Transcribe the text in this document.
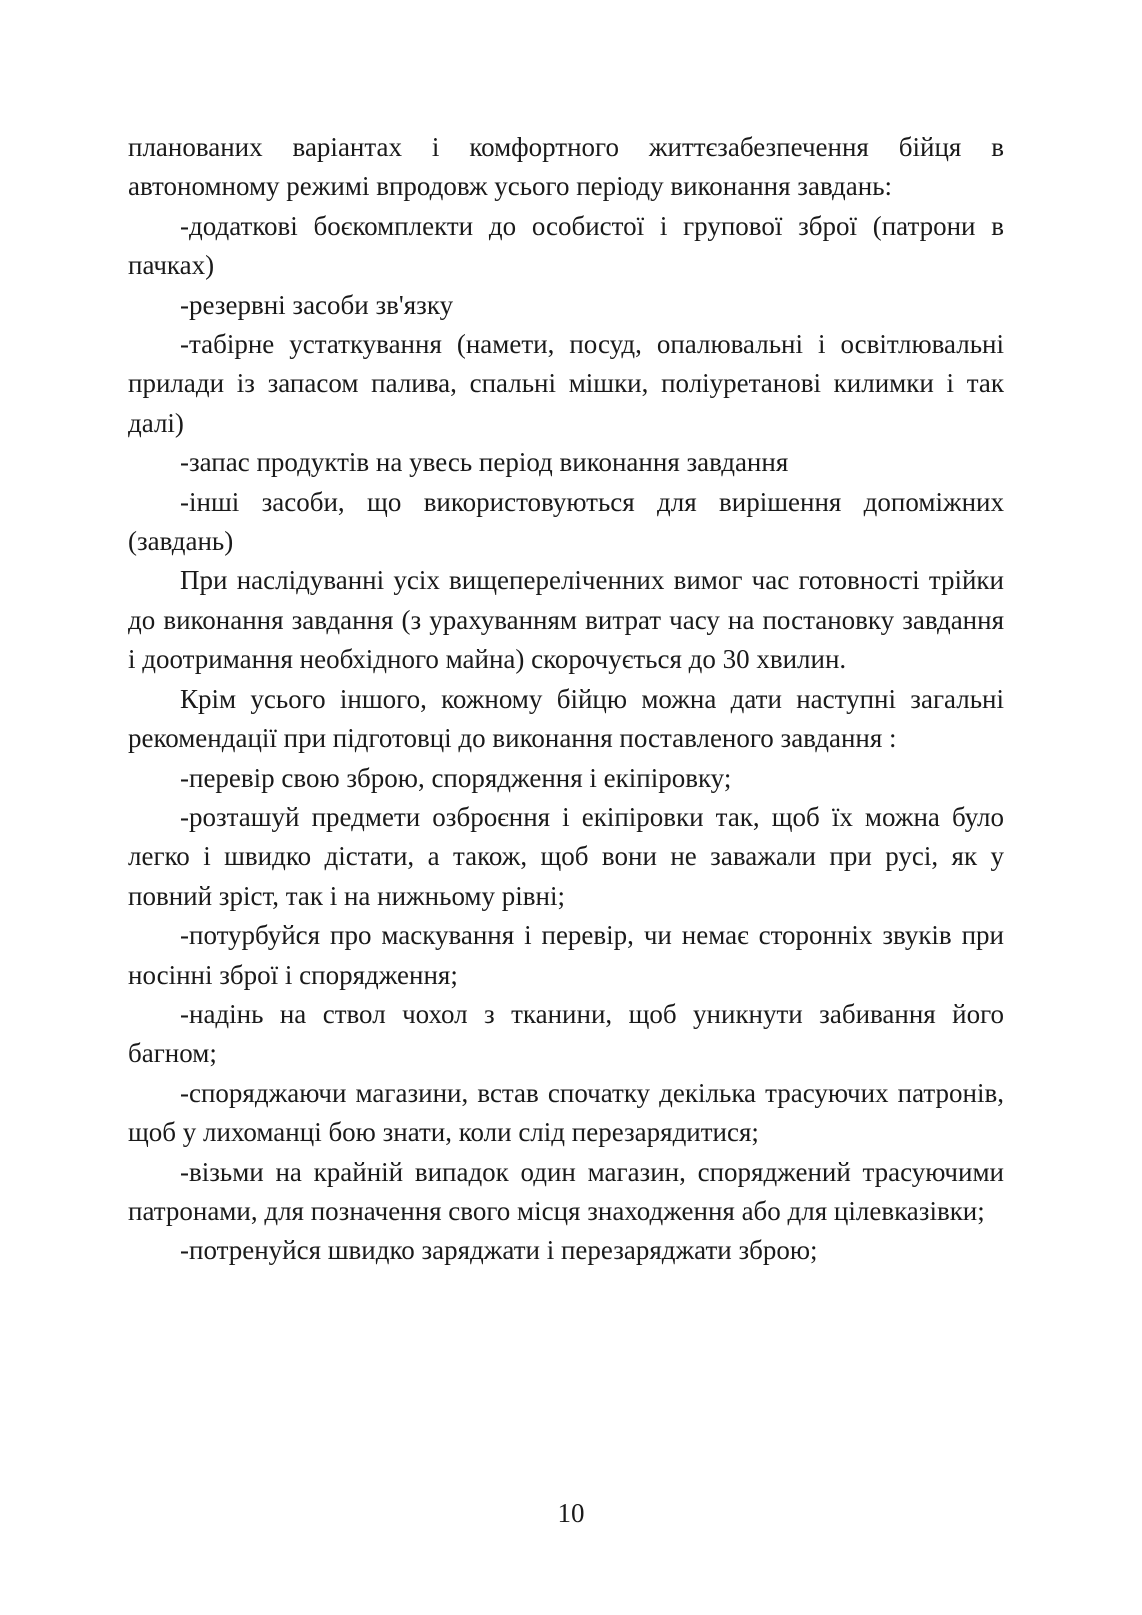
планованих варіантах і комфортного життєзабезпечення бійця в автономному режимі впродовж усього періоду виконання завдань:

-додаткові боєкомплекти до особистої і групової зброї (патрони в пачках)

-резервні засоби зв'язку

-табірне устаткування (намети, посуд, опалювальні і освітлювальні прилади із запасом палива, спальні мішки, поліуретанові килимки і так далі)

-запас продуктів на увесь період виконання завдання

-інші засоби, що використовуються для вирішення допоміжних (завдань)

При наслідуванні усіх вищепереліченних вимог час готовності трійки до виконання завдання (з урахуванням витрат часу на постановку завдання і доотримання необхідного майна) скорочується до 30 хвилин.

Крім усього іншого, кожному бійцю можна дати наступні загальні рекомендації при підготовці до виконання поставленого завдання :

-перевір свою зброю, спорядження і екіпіровку;

-розташуй предмети озброєння і екіпіровки так, щоб їх можна було легко і швидко дістати, а також, щоб вони не заважали при русі, як у повний зріст, так і на нижньому рівні;

-потурбуйся про маскування і перевір, чи немає сторонніх звуків при носінні зброї і спорядження;

-надінь на ствол чохол з тканини, щоб уникнути забивання його багном;

-споряджаючи магазини, встав спочатку декілька трасуючих патронів, щоб у лихоманці бою знати, коли слід перезарядитися;

-візьми на крайній випадок один магазин, споряджений трасуючими патронами, для позначення свого місця знаходження або для цілевказівки;

-потренуйся швидко заряджати і перезаряджати зброю;

10
